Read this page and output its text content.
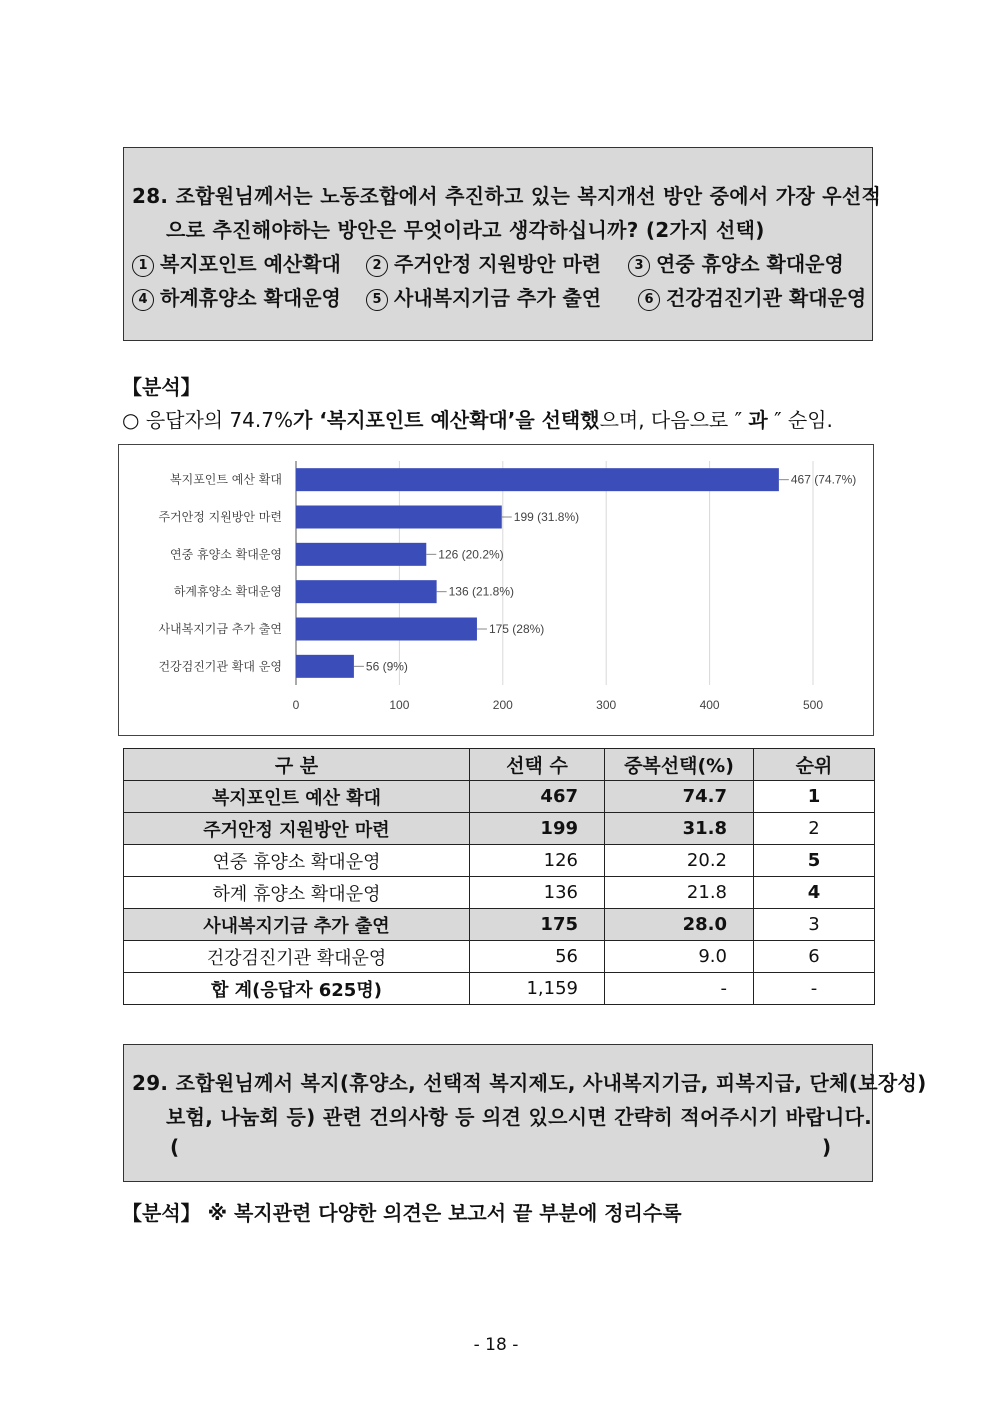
28. 조합원님께서는 노동조합에서 추진하고 있는 복지개선 방안 중에서 가장 우선적
으로 추진해야하는 방안은 무엇이라고 생각하십니까? (2가지 선택)
1 복지포인트 예산확대	2 주거안정 지원방안 마련	3 연중 휴양소 확대운영
4 하계휴양소 확대운영	5 사내복지기금 추가 출연	6 건강검진기관 확대운영
【분석】
○ 응답자의 74.7%가 ‘복지포인트 예산확대’을 선택했으며, 다음으로 ″ 과 ″ 순임.
0	100	200	300	400	500
복지포인트 예산 확대	467 (74.7%)
주거안정 지원방안 마련	199 (31.8%)
연중 휴양소 확대운영	126 (20.2%)
하계휴양소 확대운영	136 (21.8%)
사내복지기금 추가 출연	175 (28%)
건강검진기관 확대 운영	56 (9%)
구 분	선택 수	중복선택(%)	순위
복지포인트 예산 확대	467	74.7	1
주거안정 지원방안 마련	199	31.8	2
연중 휴양소 확대운영	126	20.2	5
하계 휴양소 확대운영	136	21.8	4
사내복지기금 추가 출연	175	28.0	3
건강검진기관 확대운영	56	9.0	6
합 계(응답자 625명)	1,159	-	-
29. 조합원님께서 복지(휴양소, 선택적 복지제도, 사내복지기금, 피복지급, 단체(보장성)
보험, 나눔회 등) 관련 건의사항 등 의견 있으시면 간략히 적어주시기 바랍니다.
(	)
【분석】 ※ 복지관련 다양한 의견은 보고서 끝 부분에 정리수록
- 18 -
